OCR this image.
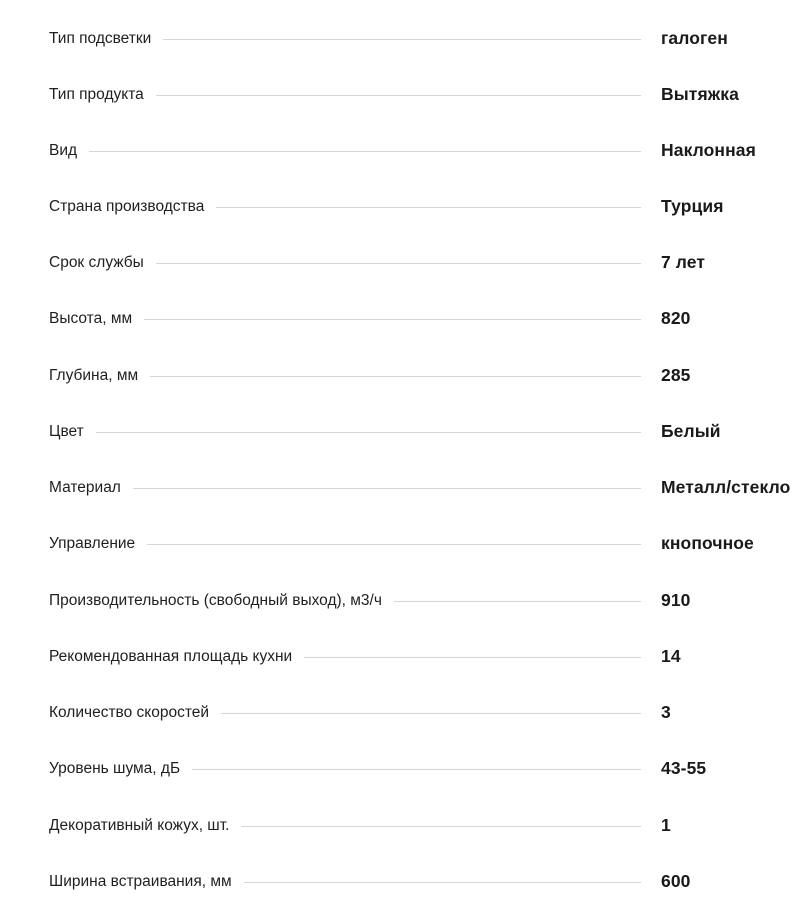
Тип подсветки	галоген
Тип продукта	Вытяжка
Вид	Наклонная
Страна производства	Турция
Срок службы	7 лет
Высота, мм	820
Глубина, мм	285
Цвет	Белый
Материал	Металл/стекло
Управление	кнопочное
Производительность (свободный выход), м3/ч	910
Рекомендованная площадь кухни	14
Количество скоростей	3
Уровень шума, дБ	43-55
Декоративный кожух, шт.	1
Ширина встраивания, мм	600
